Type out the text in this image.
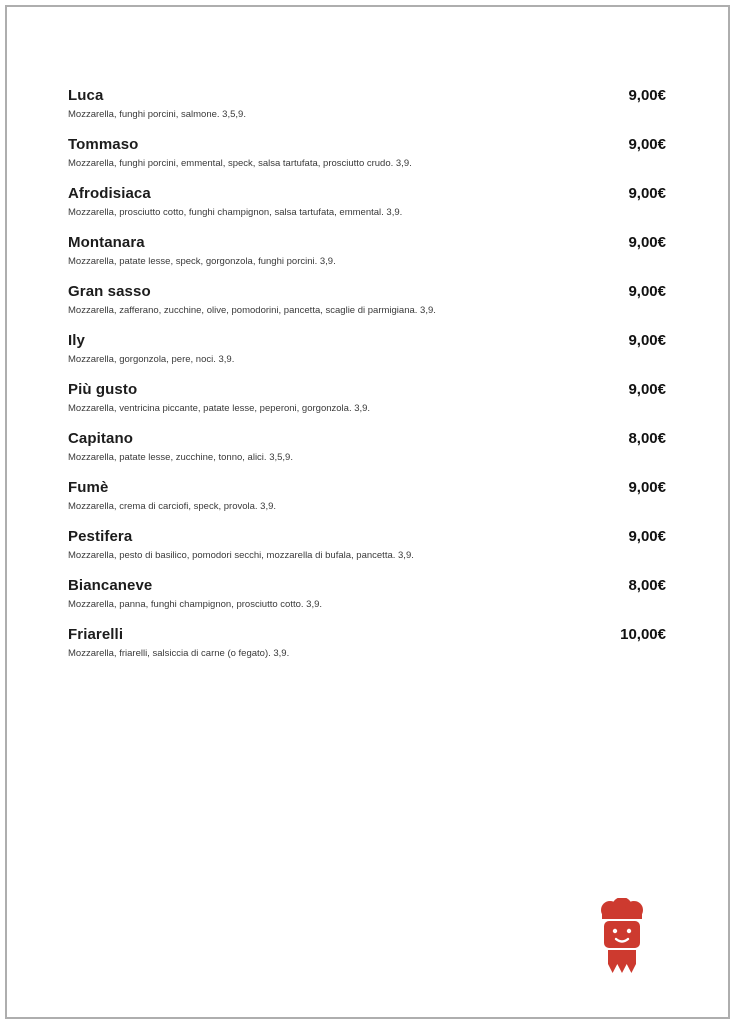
Luca
Mozzarella, funghi porcini, salmone. 3,5,9.
9,00€
Tommaso
Mozzarella, funghi porcini, emmental, speck, salsa tartufata, prosciutto crudo. 3,9.
9,00€
Afrodisiaca
Mozzarella, prosciutto cotto, funghi champignon, salsa tartufata, emmental. 3,9.
9,00€
Montanara
Mozzarella, patate lesse, speck, gorgonzola, funghi porcini. 3,9.
9,00€
Gran sasso
Mozzarella, zafferano, zucchine, olive, pomodorini, pancetta, scaglie di parmigiana. 3,9.
9,00€
Ily
Mozzarella, gorgonzola, pere, noci. 3,9.
9,00€
Più gusto
Mozzarella, ventricina piccante, patate lesse, peperoni, gorgonzola. 3,9.
9,00€
Capitano
Mozzarella, patate lesse, zucchine, tonno, alici. 3,5,9.
8,00€
Fumè
Mozzarella, crema di carciofi, speck, provola. 3,9.
9,00€
Pestifera
Mozzarella, pesto di basilico, pomodori secchi, mozzarella di bufala, pancetta. 3,9.
9,00€
Biancaneve
Mozzarella, panna, funghi champignon, prosciutto cotto. 3,9.
8,00€
Friarelli
Mozzarella, friarelli, salsiccia di carne (o fegato). 3,9.
10,00€
